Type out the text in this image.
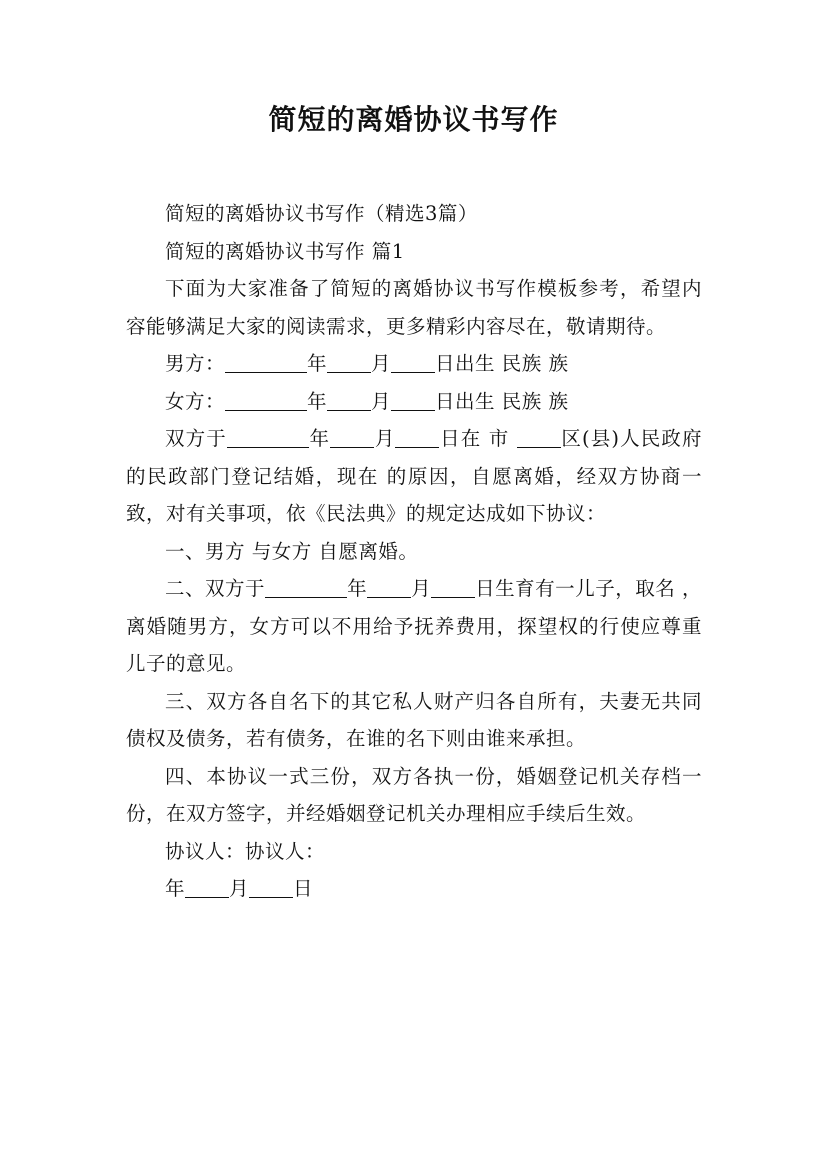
简短的离婚协议书写作

简短的离婚协议书写作（精选3篇）

简短的离婚协议书写作 篇1

下面为大家准备了简短的离婚协议书写作模板参考，希望内容能够满足大家的阅读需求，更多精彩内容尽在，敬请期待。

男方：	年 月 日出生 民族 族

女方：	年 月 日出生 民族 族

双方于	年 月 日在 市 区(县)人民政府的民政部门登记结婚，现在 的原因，自愿离婚，经双方协商一致，对有关事项，依《民法典》的规定达成如下协议：

一、男方 与女方 自愿离婚。

二、双方于	年 月 日生育有一儿子，取名 ，离婚随男方，女方可以不用给予抚养费用，探望权的行使应尊重儿子的意见。

三、双方各自名下的其它私人财产归各自所有，夫妻无共同债权及债务，若有债务，在谁的名下则由谁来承担。

四、本协议一式三份，双方各执一份，婚姻登记机关存档一份，在双方签字，并经婚姻登记机关办理相应手续后生效。

协议人：协议人：

年 月 日
